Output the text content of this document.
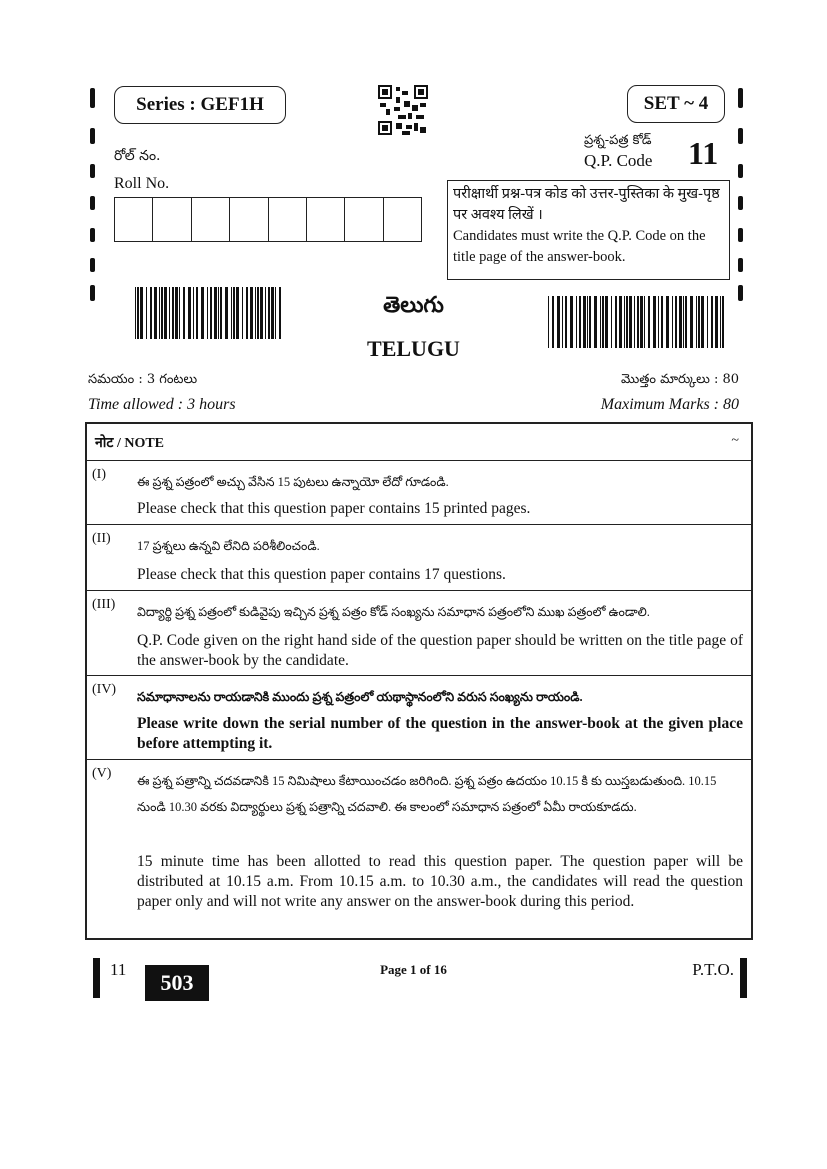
Series : GEF1H	SET ~ 4
రోల్ నం.
Roll No.
ప్రశ్న-పత్ర కోడ్
Q.P. Code 11
परीक्षार्थी प्रश्न-पत्र कोड को उत्तर-पुस्तिका के मुख-पृष्ठ पर अवश्य लिखें ।
Candidates must write the Q.P. Code on the title page of the answer-book.
తెలుగు
TELUGU
సమయం : 3 గంటలు
Time allowed : 3 hours
మొత్తం మార్కులు : 80
Maximum Marks : 80
नोट / NOTE	~
(I) ఈ ప్రశ్న పత్రంలో అచ్చు వేసిన 15 పుటలు ఉన్నాయో లేదో గూడండి.
Please check that this question paper contains 15 printed pages.
(II) 17 ప్రశ్నలు ఉన్నవి లేనిది పరిశీలించండి.
Please check that this question paper contains 17 questions.
(III) విద్యార్థి ప్రశ్న పత్రంలో కుడివైపు ఇచ్చిన ప్రశ్న పత్రం కోడ్ సంఖ్యను సమాధాన పత్రంలోని ముఖ పత్రంలో ఉండాలి.
Q.P. Code given on the right hand side of the question paper should be written on the title page of the answer-book by the candidate.
(IV) సమాధానాలను రాయడానికి ముందు ప్రశ్న పత్రంలో యథాస్థానంలోని వరుస సంఖ్యను రాయండి.
Please write down the serial number of the question in the answer-book at the given place before attempting it.
(V) ఈ ప్రశ్న పత్రాన్ని చదవడానికి 15 నిమిషాలు కేటాయించడం జరిగింది. ప్రశ్న పత్రం ఉదయం 10.15 కి కు యిస్తబడుతుంది. 10.15 నుండి 10.30 వరకు విద్యార్థులు ప్రశ్న పత్రాన్ని చదవాలి. ఈ కాలంలో సమాధాన పత్రంలో ఏమీ రాయకూడదు.
15 minute time has been allotted to read this question paper. The question paper will be distributed at 10.15 a.m. From 10.15 a.m. to 10.30 a.m., the candidates will read the question paper only and will not write any answer on the answer-book during this period.
11
503
Page 1 of 16	P.T.O.
